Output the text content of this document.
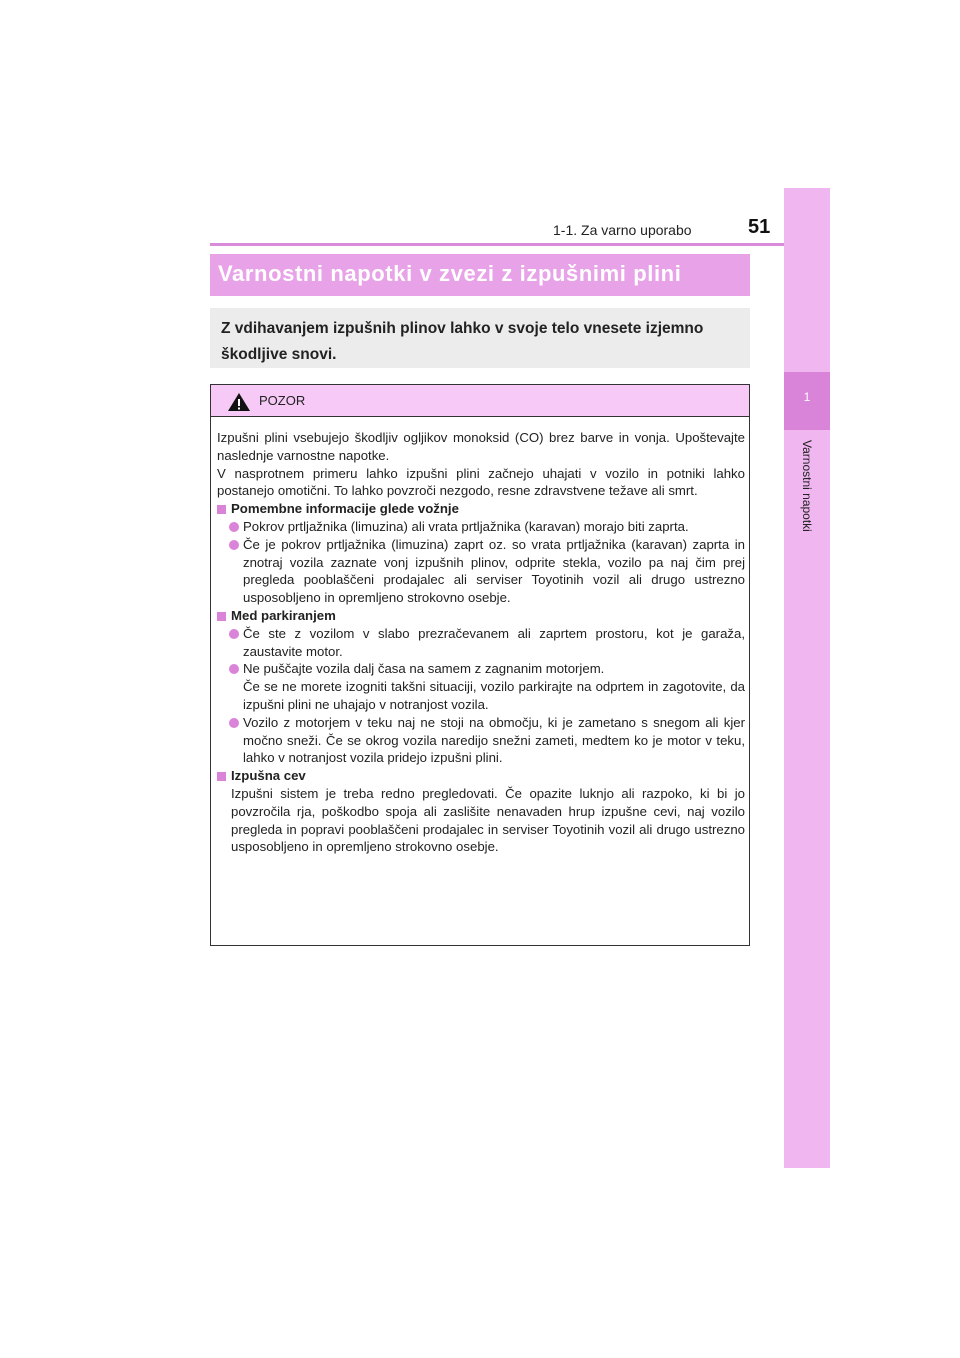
1-1. Za varno uporabo	51
1
Varnostni napotki
Varnostni napotki v zvezi z izpušnimi plini
Z vdihavanjem izpušnih plinov lahko v svoje telo vnesete izjemno škodljive snovi.
POZOR

Izpušni plini vsebujejo škodljiv ogljikov monoksid (CO) brez barve in vonja. Upoštevajte naslednje varnostne napotke.

V nasprotnem primeru lahko izpušni plini začnejo uhajati v vozilo in potniki lahko postanejo omotični. To lahko povzroči nezgodo, resne zdravstvene težave ali smrt.

Pomembne informacije glede vožnje

Pokrov prtljažnika (limuzina) ali vrata prtljažnika (karavan) morajo biti zaprta.

Če je pokrov prtljažnika (limuzina) zaprt oz. so vrata prtljažnika (karavan) zaprta in znotraj vozila zaznate vonj izpušnih plinov, odprite stekla, vozilo pa naj čim prej pregleda pooblaščeni prodajalec ali serviser Toyotinih vozil ali drugo ustrezno usposobljeno in opremljeno strokovno osebje.

Med parkiranjem

Če ste z vozilom v slabo prezračevanem ali zaprtem prostoru, kot je garaža, zaustavite motor.

Ne puščajte vozila dalj časa na samem z zagnanim motorjem.

Če se ne morete izogniti takšni situaciji, vozilo parkirajte na odprtem in zagotovite, da izpušni plini ne uhajajo v notranjost vozila.

Vozilo z motorjem v teku naj ne stoji na območju, ki je zametano s snegom ali kjer močno sneži. Če se okrog vozila naredijo snežni zameti, medtem ko je motor v teku, lahko v notranjost vozila pridejo izpušni plini.

Izpušna cev

Izpušni sistem je treba redno pregledovati. Če opazite luknjo ali razpoko, ki bi jo povzročila rja, poškodbo spoja ali zaslišite nenavaden hrup izpušne cevi, naj vozilo pregleda in popravi pooblaščeni prodajalec in serviser Toyotinih vozil ali drugo ustrezno usposobljeno in opremljeno strokovno osebje.
